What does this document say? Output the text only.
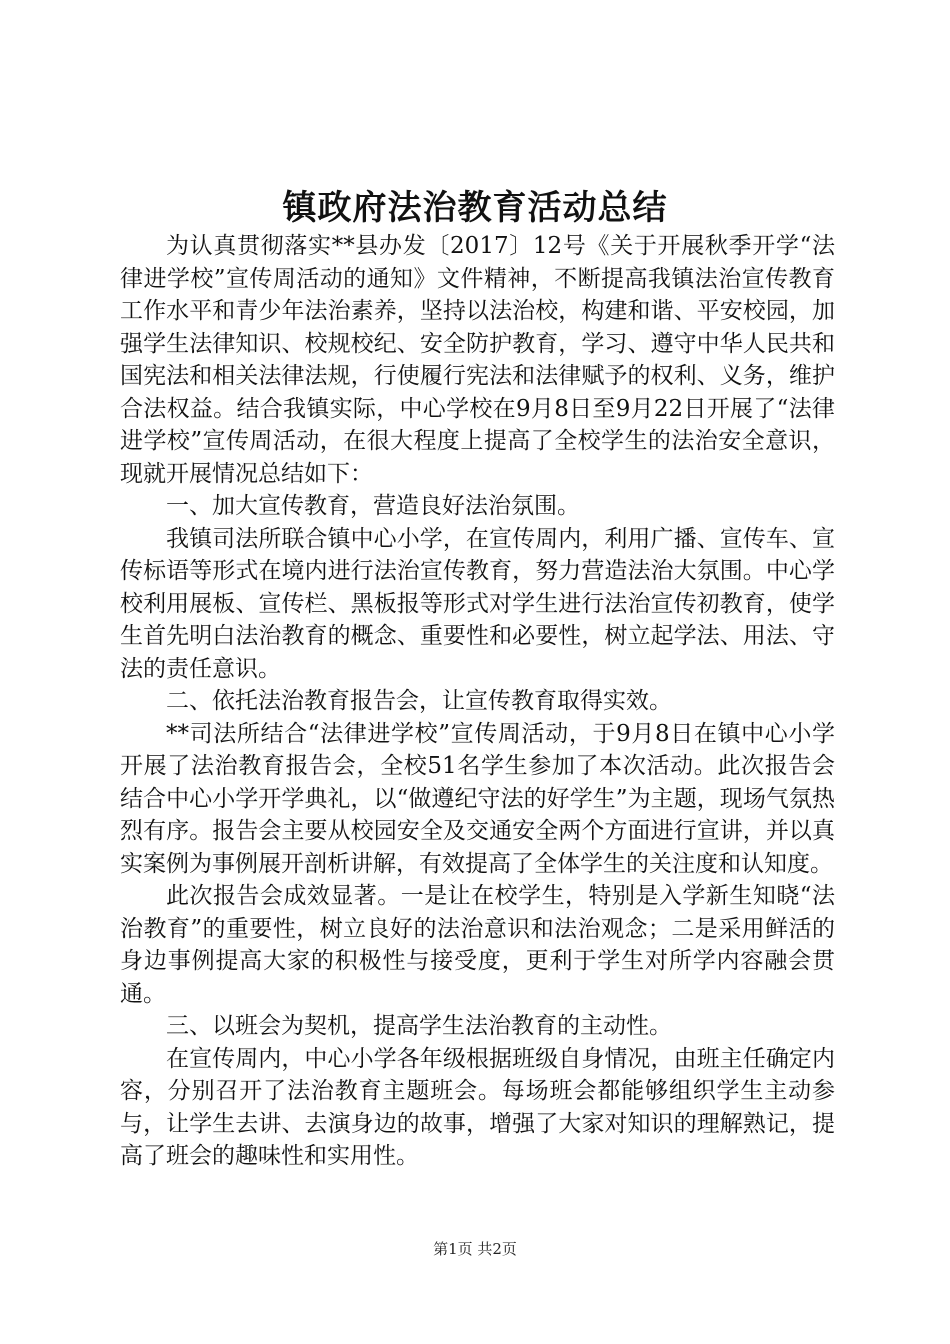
镇政府法治教育活动总结

为认真贯彻落实**县办发〔2017〕12号《关于开展秋季开学“法律进学校”宣传周活动的通知》文件精神，不断提高我镇法治宣传教育工作水平和青少年法治素养，坚持以法治校，构建和谐、平安校园，加强学生法律知识、校规校纪、安全防护教育，学习、遵守中华人民共和国宪法和相关法律法规，行使履行宪法和法律赋予的权利、义务，维护合法权益。结合我镇实际，中心学校在9月8日至9月22日开展了“法律进学校”宣传周活动，在很大程度上提高了全校学生的法治安全意识，现就开展情况总结如下：

一、加大宣传教育，营造良好法治氛围。

我镇司法所联合镇中心小学，在宣传周内，利用广播、宣传车、宣传标语等形式在境内进行法治宣传教育，努力营造法治大氛围。中心学校利用展板、宣传栏、黑板报等形式对学生进行法治宣传初教育，使学生首先明白法治教育的概念、重要性和必要性，树立起学法、用法、守法的责任意识。

二、依托法治教育报告会，让宣传教育取得实效。

**司法所结合“法律进学校”宣传周活动，于9月8日在镇中心小学开展了法治教育报告会，全校51名学生参加了本次活动。此次报告会结合中心小学开学典礼，以“做遵纪守法的好学生”为主题，现场气氛热烈有序。报告会主要从校园安全及交通安全两个方面进行宣讲，并以真实案例为事例展开剖析讲解，有效提高了全体学生的关注度和认知度。

此次报告会成效显著。一是让在校学生，特别是入学新生知晓“法治教育”的重要性，树立良好的法治意识和法治观念；二是采用鲜活的身边事例提高大家的积极性与接受度，更利于学生对所学内容融会贯通。

三、以班会为契机，提高学生法治教育的主动性。

在宣传周内，中心小学各年级根据班级自身情况，由班主任确定内容，分别召开了法治教育主题班会。每场班会都能够组织学生主动参与，让学生去讲、去演身边的故事，增强了大家对知识的理解熟记，提高了班会的趣味性和实用性。

第1页 共2页
